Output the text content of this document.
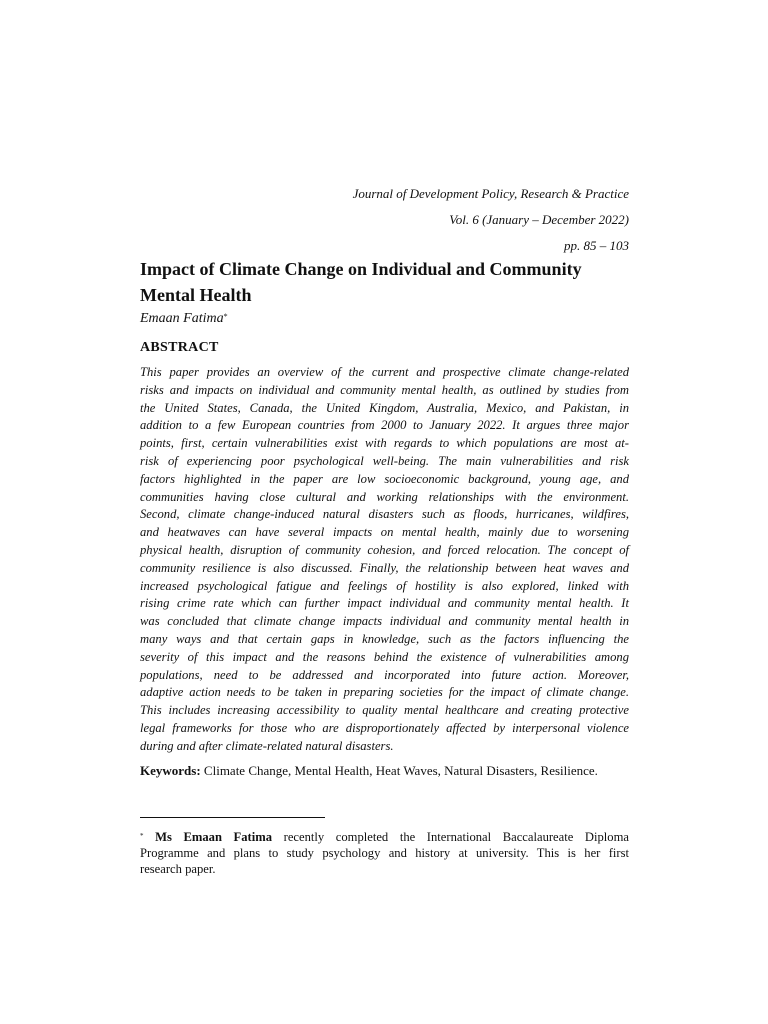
Journal of Development Policy, Research & Practice
Vol. 6 (January – December 2022)
pp. 85 – 103
Impact of Climate Change on Individual and Community
Mental Health
Emaan Fatima*
ABSTRACT
This paper provides an overview of the current and prospective climate change-related
risks and impacts on individual and community mental health, as outlined by studies from
the United States, Canada, the United Kingdom, Australia, Mexico, and Pakistan, in
addition to a few European countries from 2000 to January 2022. It argues three major
points, first, certain vulnerabilities exist with regards to which populations are most at-
risk of experiencing poor psychological well-being. The main vulnerabilities and risk
factors highlighted in the paper are low socioeconomic background, young age, and
communities having close cultural and working relationships with the environment.
Second, climate change-induced natural disasters such as floods, hurricanes, wildfires,
and heatwaves can have several impacts on mental health, mainly due to worsening
physical health, disruption of community cohesion, and forced relocation. The concept of
community resilience is also discussed. Finally, the relationship between heat waves and
increased psychological fatigue and feelings of hostility is also explored, linked with
rising crime rate which can further impact individual and community mental health. It
was concluded that climate change impacts individual and community mental health in
many ways and that certain gaps in knowledge, such as the factors influencing the
severity of this impact and the reasons behind the existence of vulnerabilities among
populations, need to be addressed and incorporated into future action. Moreover,
adaptive action needs to be taken in preparing societies for the impact of climate change.
This includes increasing accessibility to quality mental healthcare and creating protective
legal frameworks for those who are disproportionately affected by interpersonal violence
during and after climate-related natural disasters.
Keywords: Climate Change, Mental Health, Heat Waves, Natural Disasters, Resilience.
* Ms Emaan Fatima recently completed the International Baccalaureate Diploma
Programme and plans to study psychology and history at university. This is her first
research paper.
